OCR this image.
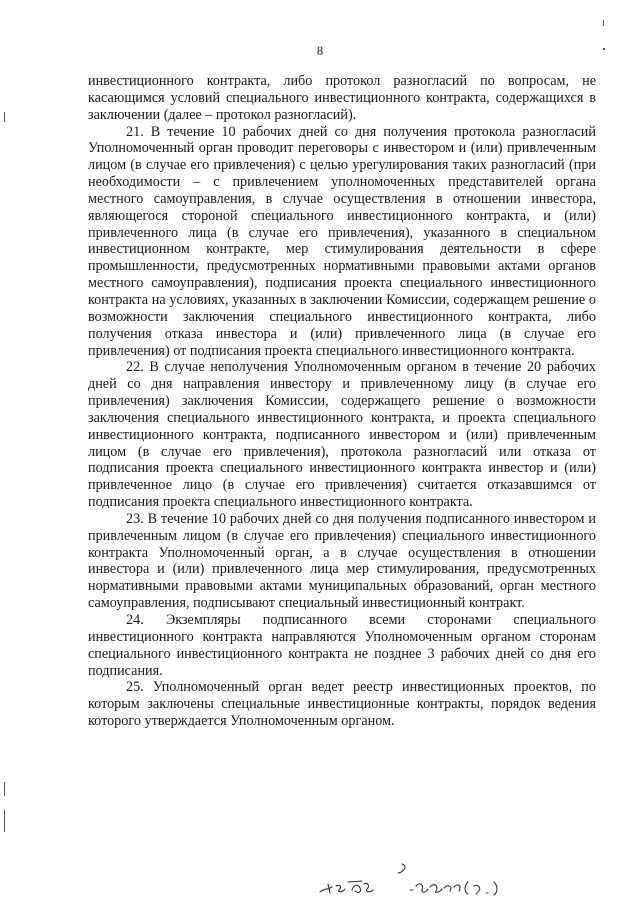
8

инвестиционного контракта, либо протокол разногласий по вопросам, не касающимся условий специального инвестиционного контракта, содержащихся в заключении (далее – протокол разногласий).

21. В течение 10 рабочих дней со дня получения протокола разногласий Уполномоченный орган проводит переговоры с инвестором и (или) привлеченным лицом (в случае его привлечения) с целью урегулирования таких разногласий (при необходимости – с привлечением уполномоченных представителей органа местного самоуправления, в случае осуществления в отношении инвестора, являющегося стороной специального инвестиционного контракта, и (или) привлеченного лица (в случае его привлечения), указанного в специальном инвестиционном контракте, мер стимулирования деятельности в сфере промышленности, предусмотренных нормативными правовыми актами органов местного самоуправления), подписания проекта специального инвестиционного контракта на условиях, указанных в заключении Комиссии, содержащем решение о возможности заключения специального инвестиционного контракта, либо получения отказа инвестора и (или) привлеченного лица (в случае его привлечения) от подписания проекта специального инвестиционного контракта.

22. В случае неполучения Уполномоченным органом в течение 20 рабочих дней со дня направления инвестору и привлеченному лицу (в случае его привлечения) заключения Комиссии, содержащего решение о возможности заключения специального инвестиционного контракта, и проекта специального инвестиционного контракта, подписанного инвестором и (или) привлеченным лицом (в случае его привлечения), протокола разногласий или отказа от подписания проекта специального инвестиционного контракта инвестор и (или) привлеченное лицо (в случае его привлечения) считается отказавшимся от подписания проекта специального инвестиционного контракта.

23. В течение 10 рабочих дней со дня получения подписанного инвестором и привлеченным лицом (в случае его привлечения) специального инвестиционного контракта Уполномоченный орган, а в случае осуществления в отношении инвестора и (или) привлеченного лица мер стимулирования, предусмотренных нормативными правовыми актами муниципальных образований, орган местного самоуправления, подписывают специальный инвестиционный контракт.

24. Экземпляры подписанного всеми сторонами специального инвестиционного контракта направляются Уполномоченным органом сторонам специального инвестиционного контракта не позднее 3 рабочих дней со дня его подписания.

25. Уполномоченный орган ведет реестр инвестиционных проектов, по которым заключены специальные инвестиционные контракты, порядок ведения которого утверждается Уполномоченным органом.
